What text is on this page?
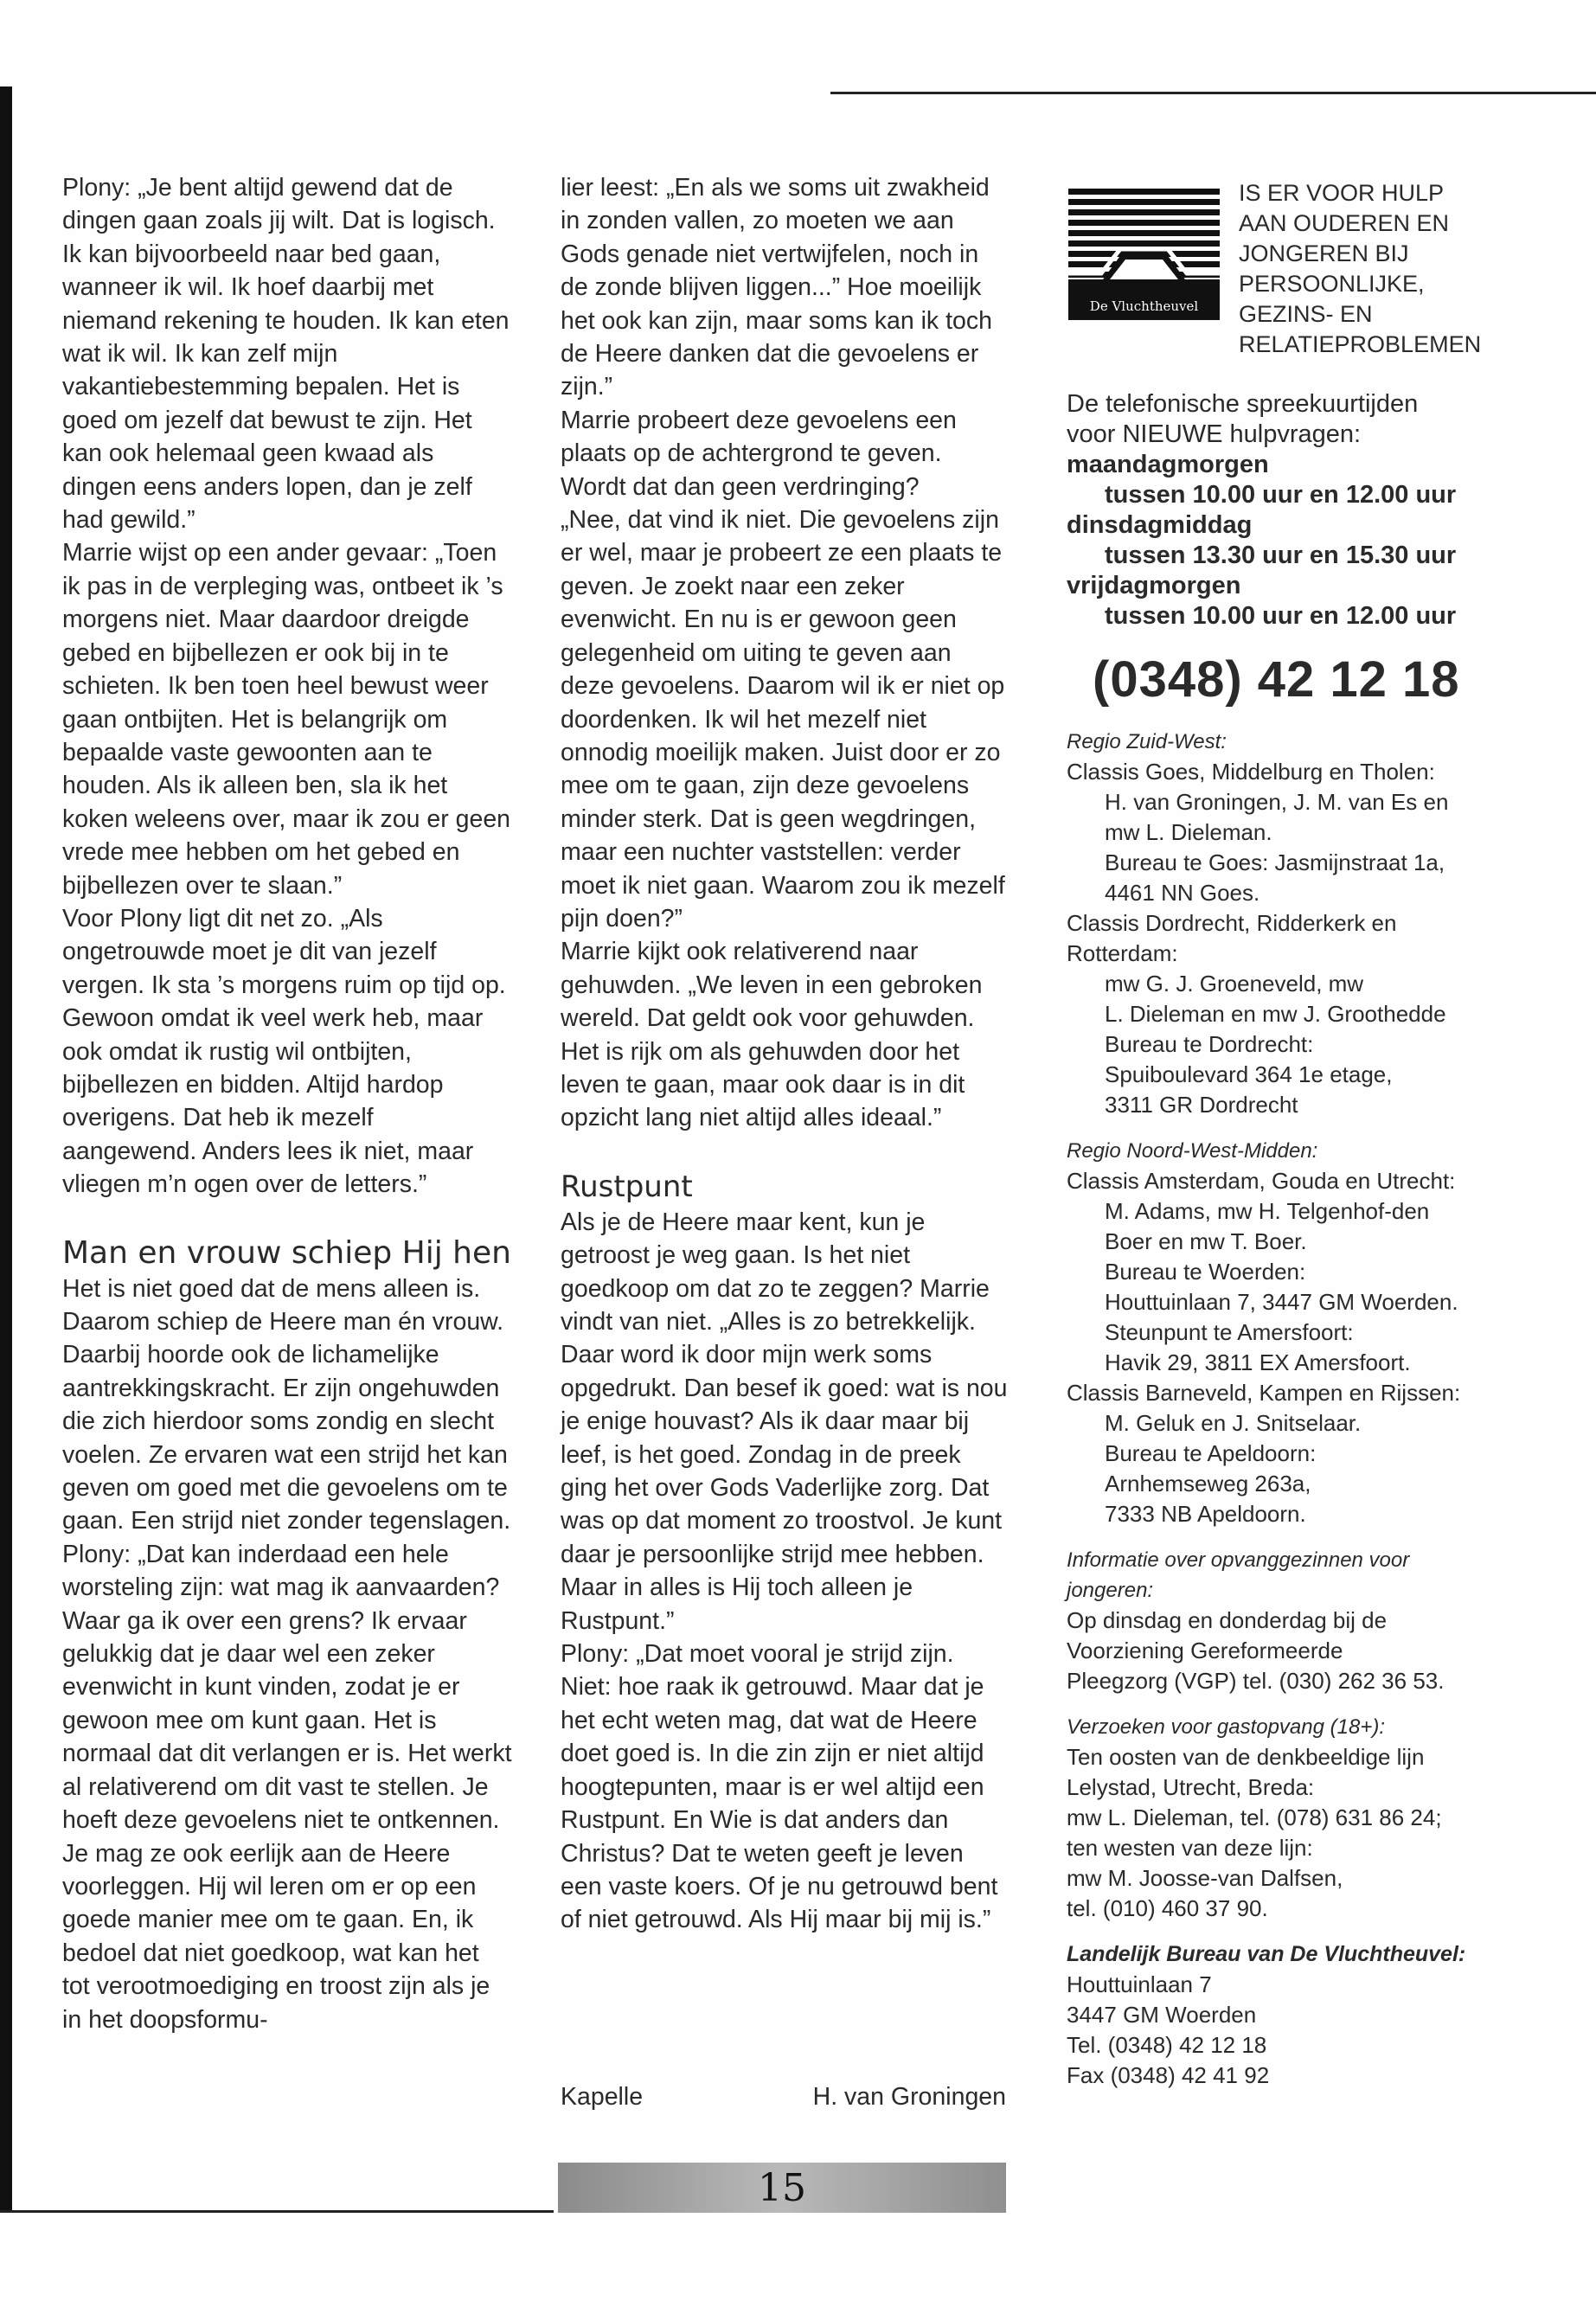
Plony: „Je bent altijd gewend dat de dingen gaan zoals jij wilt. Dat is logisch. Ik kan bijvoorbeeld naar bed gaan, wanneer ik wil. Ik hoef daarbij met niemand rekening te houden. Ik kan eten wat ik wil. Ik kan zelf mijn vakantiebestemming bepalen. Het is goed om jezelf dat bewust te zijn. Het kan ook helemaal geen kwaad als dingen eens anders lopen, dan je zelf had gewild.”

Marrie wijst op een ander gevaar: „Toen ik pas in de verpleging was, ontbeet ik ’s morgens niet. Maar daardoor dreigde gebed en bijbellezen er ook bij in te schieten. Ik ben toen heel bewust weer gaan ontbijten. Het is belangrijk om bepaalde vaste gewoonten aan te houden. Als ik alleen ben, sla ik het koken weleens over, maar ik zou er geen vrede mee hebben om het gebed en bijbellezen over te slaan.”

Voor Plony ligt dit net zo. „Als ongetrouwde moet je dit van jezelf vergen. Ik sta ’s morgens ruim op tijd op. Gewoon omdat ik veel werk heb, maar ook omdat ik rustig wil ontbijten, bijbellezen en bidden. Altijd hardop overigens. Dat heb ik mezelf aangewend. Anders lees ik niet, maar vliegen m’n ogen over de letters.”

Man en vrouw schiep Hij hen

Het is niet goed dat de mens alleen is. Daarom schiep de Heere man én vrouw. Daarbij hoorde ook de lichamelijke aantrekkingskracht. Er zijn ongehuwden die zich hierdoor soms zondig en slecht voelen. Ze ervaren wat een strijd het kan geven om goed met die gevoelens om te gaan. Een strijd niet zonder tegenslagen.

Plony: „Dat kan inderdaad een hele worsteling zijn: wat mag ik aanvaarden? Waar ga ik over een grens? Ik ervaar gelukkig dat je daar wel een zeker evenwicht in kunt vinden, zodat je er gewoon mee om kunt gaan. Het is normaal dat dit verlangen er is. Het werkt al relativerend om dit vast te stellen. Je hoeft deze gevoelens niet te ontkennen. Je mag ze ook eerlijk aan de Heere voorleggen. Hij wil leren om er op een goede manier mee om te gaan. En, ik bedoel dat niet goedkoop, wat kan het tot verootmoediging en troost zijn als je in het doopsformu-

lier leest: „En als we soms uit zwakheid in zonden vallen, zo moeten we aan Gods genade niet vertwijfelen, noch in de zonde blijven liggen...” Hoe moeilijk het ook kan zijn, maar soms kan ik toch de Heere danken dat die gevoelens er zijn.”

Marrie probeert deze gevoelens een plaats op de achtergrond te geven. Wordt dat dan geen verdringing?

„Nee, dat vind ik niet. Die gevoelens zijn er wel, maar je probeert ze een plaats te geven. Je zoekt naar een zeker evenwicht. En nu is er gewoon geen gelegenheid om uiting te geven aan deze gevoelens. Daarom wil ik er niet op doordenken. Ik wil het mezelf niet onnodig moeilijk maken. Juist door er zo mee om te gaan, zijn deze gevoelens minder sterk. Dat is geen wegdringen, maar een nuchter vaststellen: verder moet ik niet gaan. Waarom zou ik mezelf pijn doen?”

Marrie kijkt ook relativerend naar gehuwden. „We leven in een gebroken wereld. Dat geldt ook voor gehuwden. Het is rijk om als gehuwden door het leven te gaan, maar ook daar is in dit opzicht lang niet altijd alles ideaal.”

Rustpunt

Als je de Heere maar kent, kun je getroost je weg gaan. Is het niet goedkoop om dat zo te zeggen? Marrie vindt van niet. „Alles is zo betrekkelijk. Daar word ik door mijn werk soms opgedrukt. Dan besef ik goed: wat is nou je enige houvast? Als ik daar maar bij leef, is het goed. Zondag in de preek ging het over Gods Vaderlijke zorg. Dat was op dat moment zo troostvol. Je kunt daar je persoonlijke strijd mee hebben. Maar in alles is Hij toch alleen je Rustpunt.”

Plony: „Dat moet vooral je strijd zijn. Niet: hoe raak ik getrouwd. Maar dat je het echt weten mag, dat wat de Heere doet goed is. In die zin zijn er niet altijd hoogtepunten, maar is er wel altijd een Rustpunt. En Wie is dat anders dan Christus? Dat te weten geeft je leven een vaste koers. Of je nu getrouwd bent of niet getrouwd. Als Hij maar bij mij is.”

Kapelle	H. van Groningen
15
De Vluchtheuvel
IS ER VOOR HULP
AAN OUDEREN EN
JONGEREN BIJ
PERSOONLIJKE,
GEZINS- EN
RELATIEPROBLEMEN
De telefonische spreekuurtijden
voor NIEUWE hulpvragen:
maandagmorgen
tussen 10.00 uur en 12.00 uur
dinsdagmiddag
tussen 13.30 uur en 15.30 uur
vrijdagmorgen
tussen 10.00 uur en 12.00 uur
(0348) 42 12 18
Regio Zuid-West:
Classis Goes, Middelburg en Tholen:
H. van Groningen, J. M. van Es en
mw L. Dieleman.
Bureau te Goes: Jasmijnstraat 1a,
4461 NN Goes.
Classis Dordrecht, Ridderkerk en
Rotterdam:
mw G. J. Groeneveld, mw
L. Dieleman en mw J. Groothedde
Bureau te Dordrecht:
Spuiboulevard 364 1e etage,
3311 GR Dordrecht
Regio Noord-West-Midden:
Classis Amsterdam, Gouda en Utrecht:
M. Adams, mw H. Telgenhof-den
Boer en mw T. Boer.
Bureau te Woerden:
Houttuinlaan 7, 3447 GM Woerden.
Steunpunt te Amersfoort:
Havik 29, 3811 EX Amersfoort.
Classis Barneveld, Kampen en Rijssen:
M. Geluk en J. Snitselaar.
Bureau te Apeldoorn:
Arnhemseweg 263a,
7333 NB Apeldoorn.
Informatie over opvanggezinnen voor jongeren:
Op dinsdag en donderdag bij de
Voorziening Gereformeerde
Pleegzorg (VGP) tel. (030) 262 36 53.
Verzoeken voor gastopvang (18+):
Ten oosten van de denkbeeldige lijn
Lelystad, Utrecht, Breda:
mw L. Dieleman, tel. (078) 631 86 24;
ten westen van deze lijn:
mw M. Joosse-van Dalfsen,
tel. (010) 460 37 90.
Landelijk Bureau van De Vluchtheuvel:
Houttuinlaan 7
3447 GM Woerden
Tel. (0348) 42 12 18
Fax (0348) 42 41 92
